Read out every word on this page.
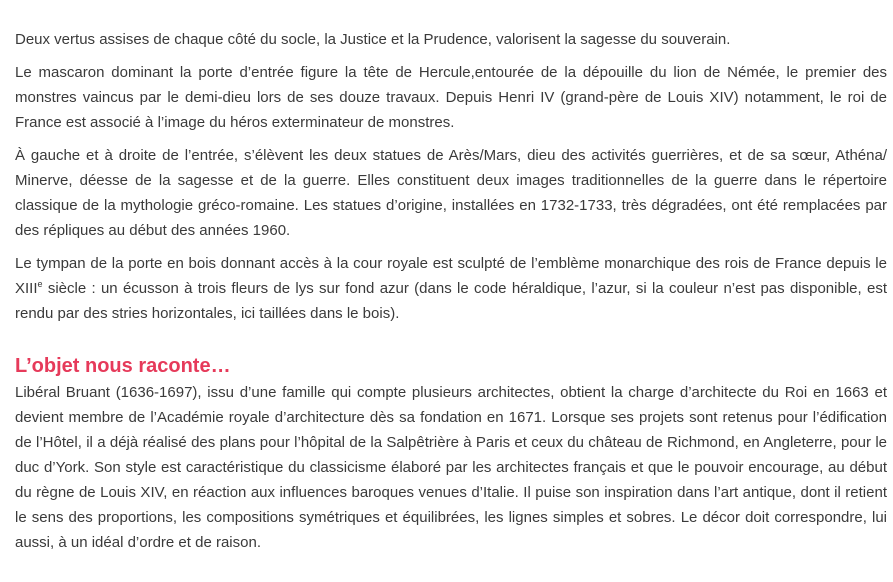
Deux vertus assises de chaque côté du socle, la Justice et la Prudence, valorisent la sagesse du souverain.

Le mascaron dominant la porte d’entrée figure la tête de Hercule,entourée de la dépouille du lion de Némée, le premier des monstres vaincus par le demi-dieu lors de ses douze travaux. Depuis Henri IV (grand-père de Louis XIV) notamment, le roi de France est associé à l’image du héros exterminateur de monstres.

À gauche et à droite de l’entrée, s’élèvent les deux statues de Arès/Mars, dieu des activités guerrières, et de sa sœur, Athéna/ Minerve, déesse de la sagesse et de la guerre. Elles constituent deux images traditionnelles de la guerre dans le répertoire classique de la mythologie gréco-romaine. Les statues d’origine, installées en 1732-1733, très dégradées, ont été remplacées par des répliques au début des années 1960.

Le tympan de la porte en bois donnant accès à la cour royale est sculpté de l’emblème monarchique des rois de France depuis le XIIIe siècle : un écusson à trois fleurs de lys sur fond azur (dans le code héraldique, l’azur, si la couleur n’est pas disponible, est rendu par des stries horizontales, ici taillées dans le bois).

L’objet nous raconte…

Libéral Bruant (1636-1697), issu d’une famille qui compte plusieurs architectes, obtient la charge d’architecte du Roi en 1663 et devient membre de l’Académie royale d’architecture dès sa fondation en 1671. Lorsque ses projets sont retenus pour l’édification de l’Hôtel, il a déjà réalisé des plans pour l’hôpital de la Salpêtrière à Paris et ceux du château de Richmond, en Angleterre, pour le duc d’York. Son style est caractéristique du classicisme élaboré par les architectes français et que le pouvoir encourage, au début du règne de Louis XIV, en réaction aux influences baroques venues d’Italie. Il puise son inspiration dans l’art antique, dont il retient le sens des proportions, les compositions symétriques et équilibrées, les lignes simples et sobres. Le décor doit correspondre, lui aussi, à un idéal d’ordre et de raison.
